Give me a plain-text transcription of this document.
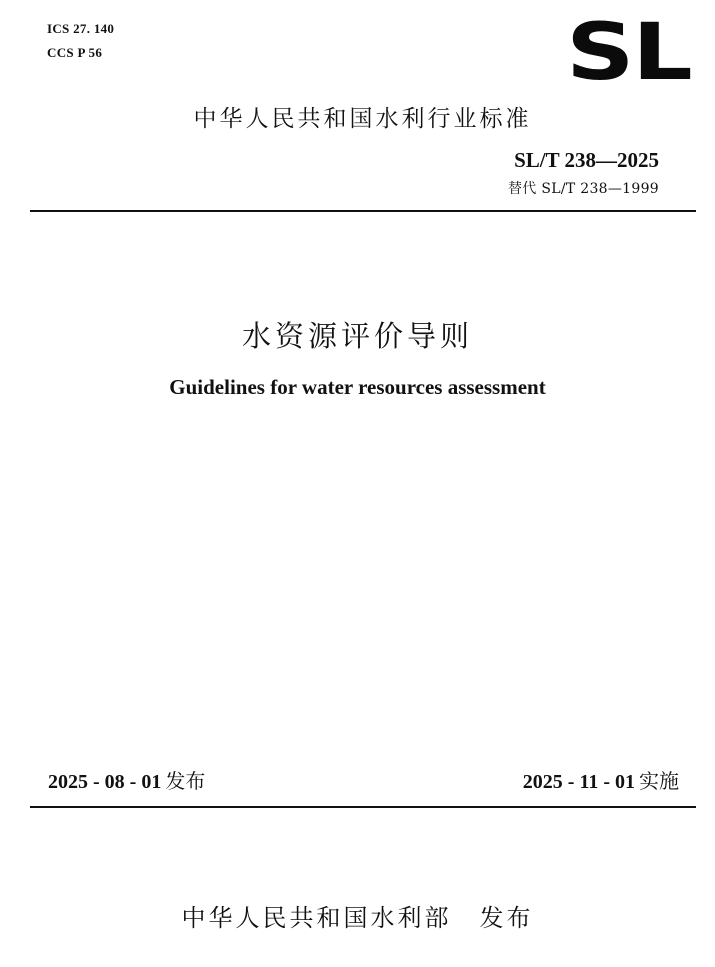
ICS 27. 140
CCS P 56	SL
中华人民共和国水利行业标准
SL/T 238—2025
替代 SL/T 238—1999
水资源评价导则
Guidelines for water resources assessment
2025 - 08 - 01 发布	2025 - 11 - 01 实施
中华人民共和国水利部 发布
